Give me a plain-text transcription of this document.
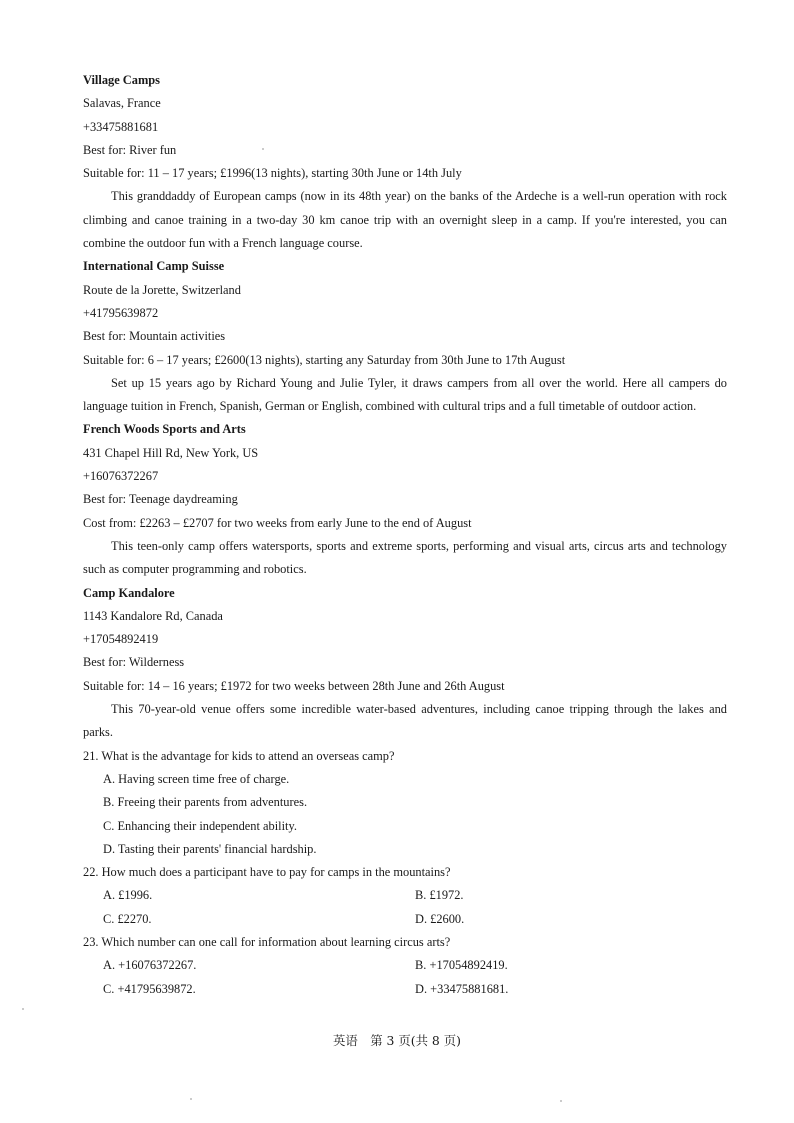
Village Camps
Salavas, France
+33475881681
Best for: River fun
Suitable for: 11 – 17 years; £1996(13 nights), starting 30th June or 14th July

This granddaddy of European camps (now in its 48th year) on the banks of the Ardeche is a well-run operation with rock climbing and canoe training in a two-day 30 km canoe trip with an overnight sleep in a camp. If you're interested, you can combine the outdoor fun with a French language course.

International Camp Suisse
Route de la Jorette, Switzerland
+41795639872
Best for: Mountain activities
Suitable for: 6 – 17 years; £2600(13 nights), starting any Saturday from 30th June to 17th August

Set up 15 years ago by Richard Young and Julie Tyler, it draws campers from all over the world. Here all campers do language tuition in French, Spanish, German or English, combined with cultural trips and a full timetable of outdoor action.

French Woods Sports and Arts
431 Chapel Hill Rd, New York, US
+16076372267
Best for: Teenage daydreaming
Cost from: £2263 – £2707 for two weeks from early June to the end of August

This teen-only camp offers watersports, sports and extreme sports, performing and visual arts, circus arts and technology such as computer programming and robotics.

Camp Kandalore
1143 Kandalore Rd, Canada
+17054892419
Best for: Wilderness
Suitable for: 14 – 16 years; £1972 for two weeks between 28th June and 26th August

This 70-year-old venue offers some incredible water-based adventures, including canoe tripping through the lakes and parks.

21. What is the advantage for kids to attend an overseas camp?
A. Having screen time free of charge.
B. Freeing their parents from adventures.
C. Enhancing their independent ability.
D. Tasting their parents' financial hardship.
22. How much does a participant have to pay for camps in the mountains?
A. £1996.	B. £1972.
C. £2270.	D. £2600.
23. Which number can one call for information about learning circus arts?
A. +16076372267.	B. +17054892419.
C. +41795639872.	D. +33475881681.
英语　第 3 页(共 8 页)
